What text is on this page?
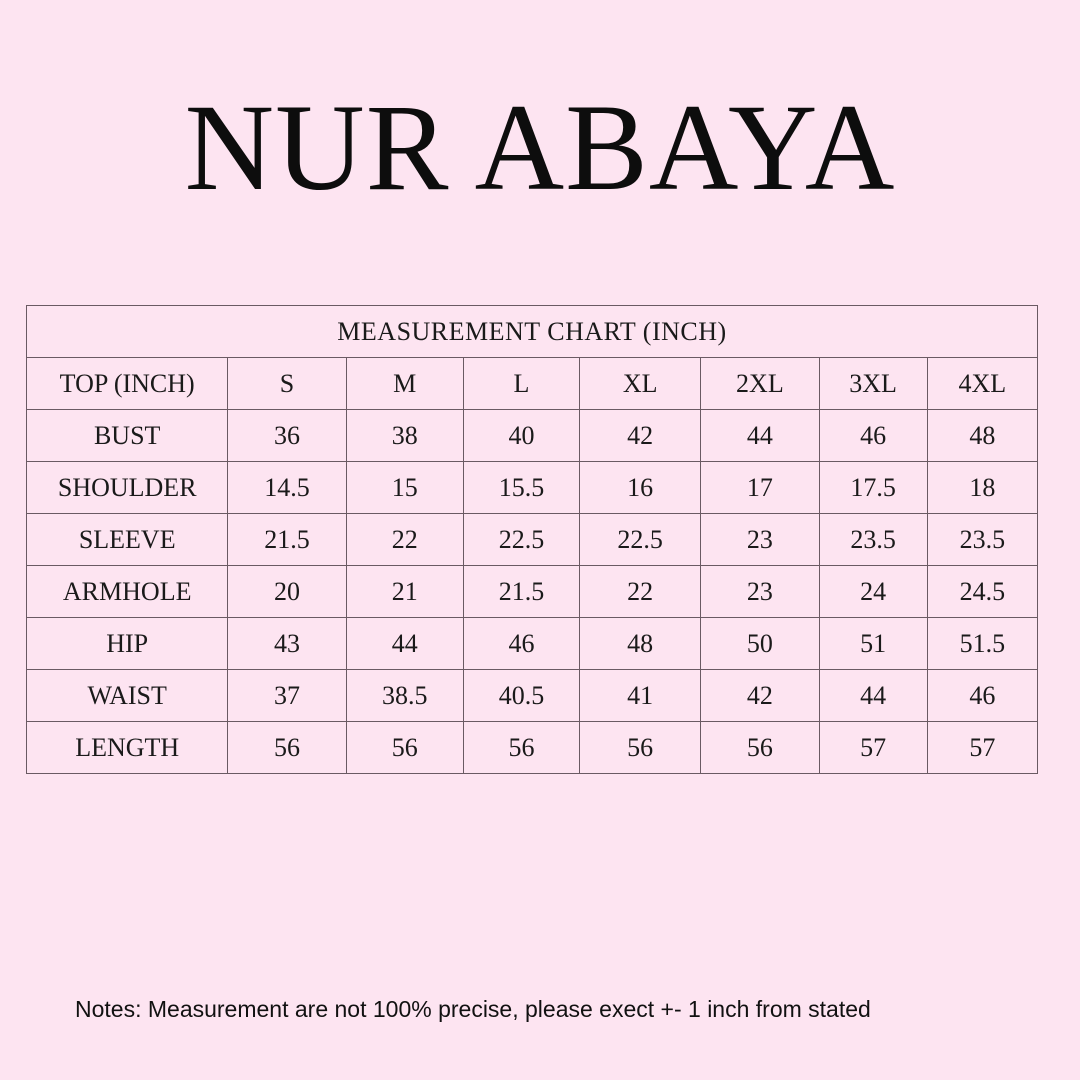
NUR ABAYA
MEASUREMENT CHART (INCH)							
TOP (INCH)	S	M	L	XL	2XL	3XL	4XL
BUST	36	38	40	42	44	46	48
SHOULDER	14.5	15	15.5	16	17	17.5	18
SLEEVE	21.5	22	22.5	22.5	23	23.5	23.5
ARMHOLE	20	21	21.5	22	23	24	24.5
HIP	43	44	46	48	50	51	51.5
WAIST	37	38.5	40.5	41	42	44	46
LENGTH	56	56	56	56	56	57	57
Notes: Measurement are not 100% precise, please exect +- 1 inch from stated
